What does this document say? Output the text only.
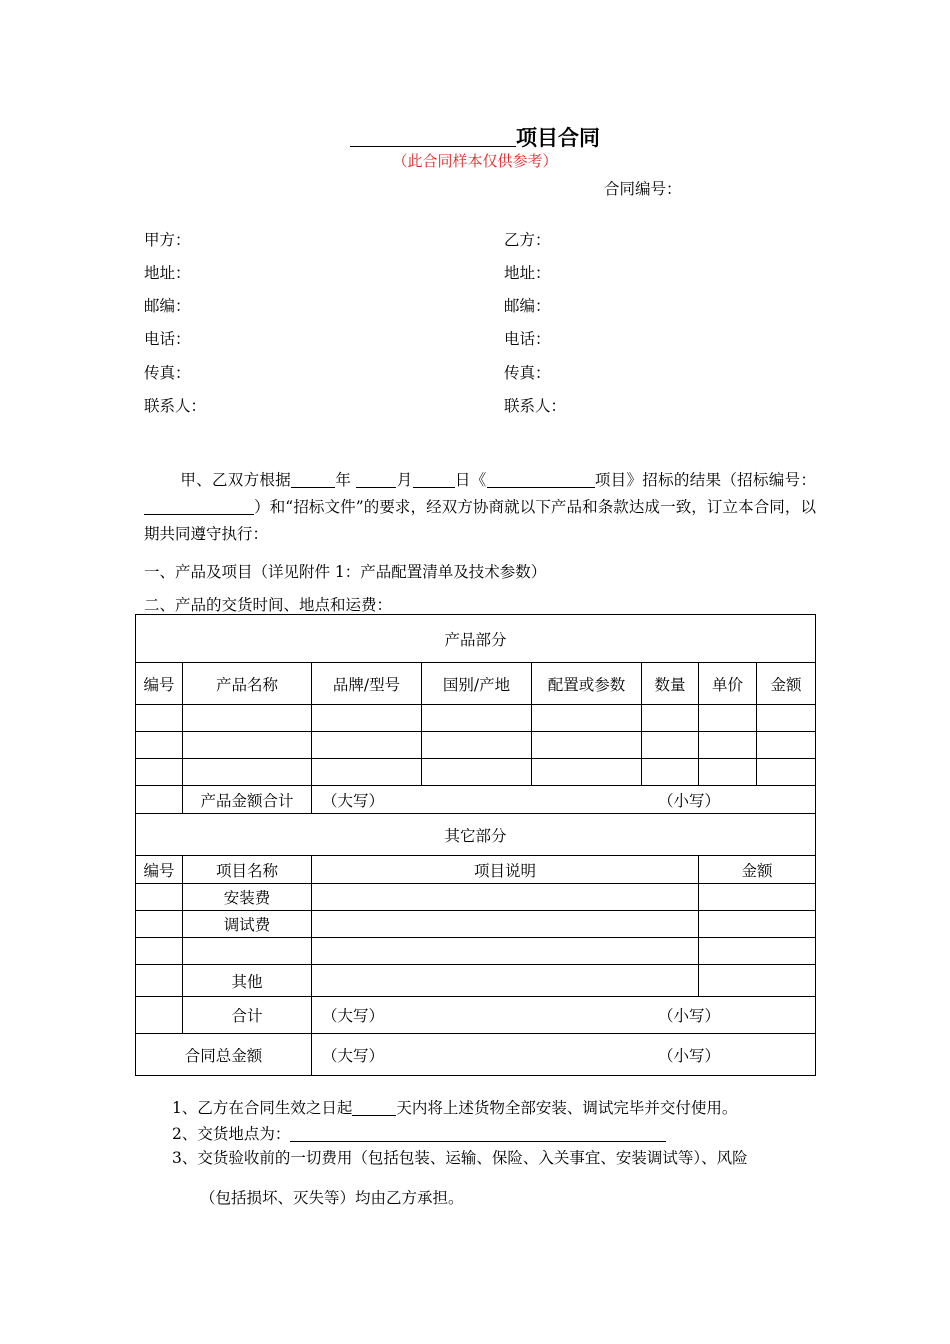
项目合同
（此合同样本仅供参考）
合同编号：
甲方：
地址：
邮编：
电话：
传真：
联系人：
乙方：
地址：
邮编：
电话：
传真：
联系人：
甲、乙双方根据	年	月	日《	项目》招标的结果（招标编号：）和“招标文件”的要求，经双方协商就以下产品和条款达成一致，订立本合同，以期共同遵守执行：
一、产品及项目（详见附件 1：产品配置清单及技术参数）
二、产品的交货时间、地点和运费：
产品部分							
编号	产品名称	品牌/型号	国别/产地	配置或参数	数量	单价	金额

	产品金额合计	（大写） （小写）					

其它部分							
编号	项目名称	项目说明				金额	
	安装费						
	调试费						

	其他						
	合计	（大写） （小写）					

合同总金额		（大写） （小写）					
1、乙方在合同生效之日起	天内将上述货物全部安装、调试完毕并交付使用。
2、交货地点为：
3、交货验收前的一切费用（包括包装、运输、保险、入关事宜、安装调试等）、风险
（包括损坏、灭失等）均由乙方承担。
